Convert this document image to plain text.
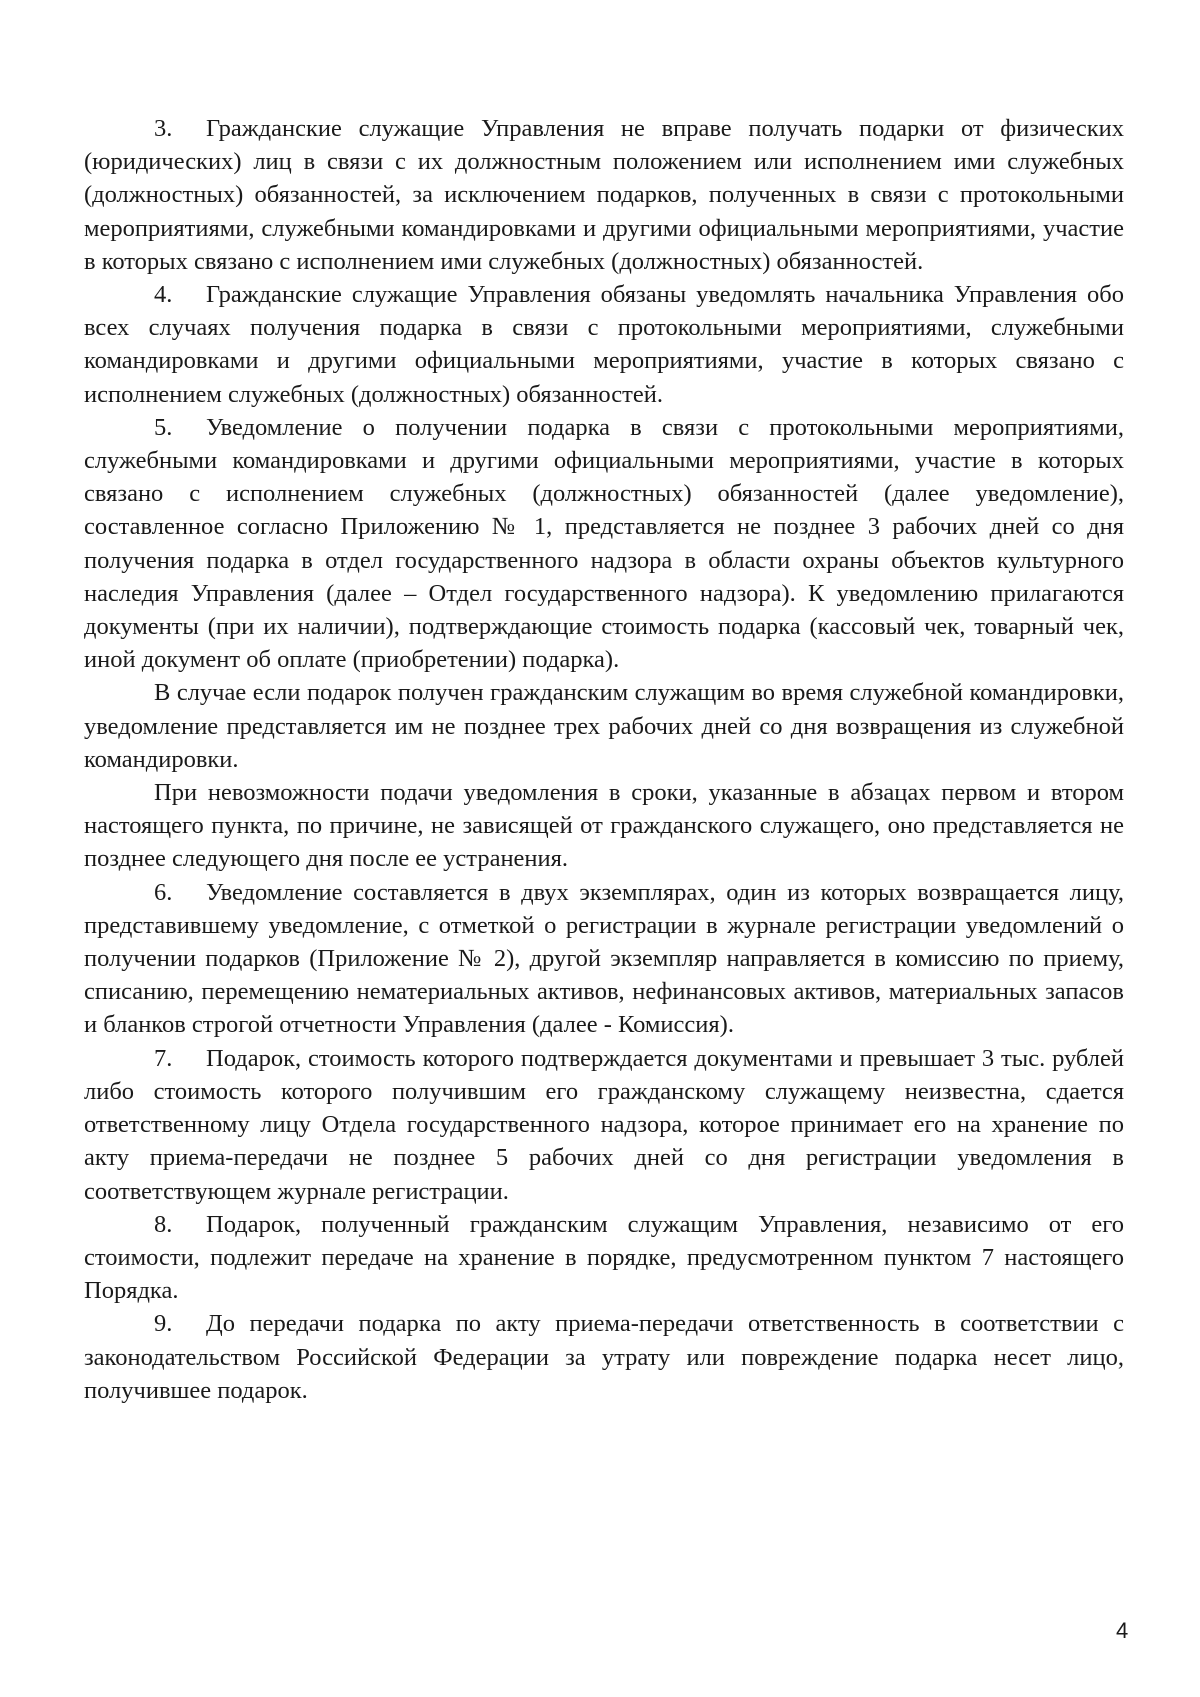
3. Гражданские служащие Управления не вправе получать подарки от физических (юридических) лиц в связи с их должностным положением или исполнением ими служебных (должностных) обязанностей, за исключением подарков, полученных в связи с протокольными мероприятиями, служебными командировками и другими официальными мероприятиями, участие в которых связано с исполнением ими служебных (должностных) обязанностей.

4. Гражданские служащие Управления обязаны уведомлять начальника Управления обо всех случаях получения подарка в связи с протокольными мероприятиями, служебными командировками и другими официальными мероприятиями, участие в которых связано с исполнением служебных (должностных) обязанностей.

5. Уведомление о получении подарка в связи с протокольными мероприятиями, служебными командировками и другими официальными мероприятиями, участие в которых связано с исполнением служебных (должностных) обязанностей (далее уведомление), составленное согласно Приложению № 1, представляется не позднее 3 рабочих дней со дня получения подарка в отдел государственного надзора в области охраны объектов культурного наследия Управления (далее – Отдел государственного надзора). К уведомлению прилагаются документы (при их наличии), подтверждающие стоимость подарка (кассовый чек, товарный чек, иной документ об оплате (приобретении) подарка).

В случае если подарок получен гражданским служащим во время служебной командировки, уведомление представляется им не позднее трех рабочих дней со дня возвращения из служебной командировки.

При невозможности подачи уведомления в сроки, указанные в абзацах первом и втором настоящего пункта, по причине, не зависящей от гражданского служащего, оно представляется не позднее следующего дня после ее устранения.

6. Уведомление составляется в двух экземплярах, один из которых возвращается лицу, представившему уведомление, с отметкой о регистрации в журнале регистрации уведомлений о получении подарков (Приложение № 2), другой экземпляр направляется в комиссию по приему, списанию, перемещению нематериальных активов, нефинансовых активов, материальных запасов и бланков строгой отчетности Управления (далее - Комиссия).

7. Подарок, стоимость которого подтверждается документами и превышает 3 тыс. рублей либо стоимость которого получившим его гражданскому служащему неизвестна, сдается ответственному лицу Отдела государственного надзора, которое принимает его на хранение по акту приема-передачи не позднее 5 рабочих дней со дня регистрации уведомления в соответствующем журнале регистрации.

8. Подарок, полученный гражданским служащим Управления, независимо от его стоимости, подлежит передаче на хранение в порядке, предусмотренном пунктом 7 настоящего Порядка.

9. До передачи подарка по акту приема-передачи ответственность в соответствии с законодательством Российской Федерации за утрату или повреждение подарка несет лицо, получившее подарок.

4
